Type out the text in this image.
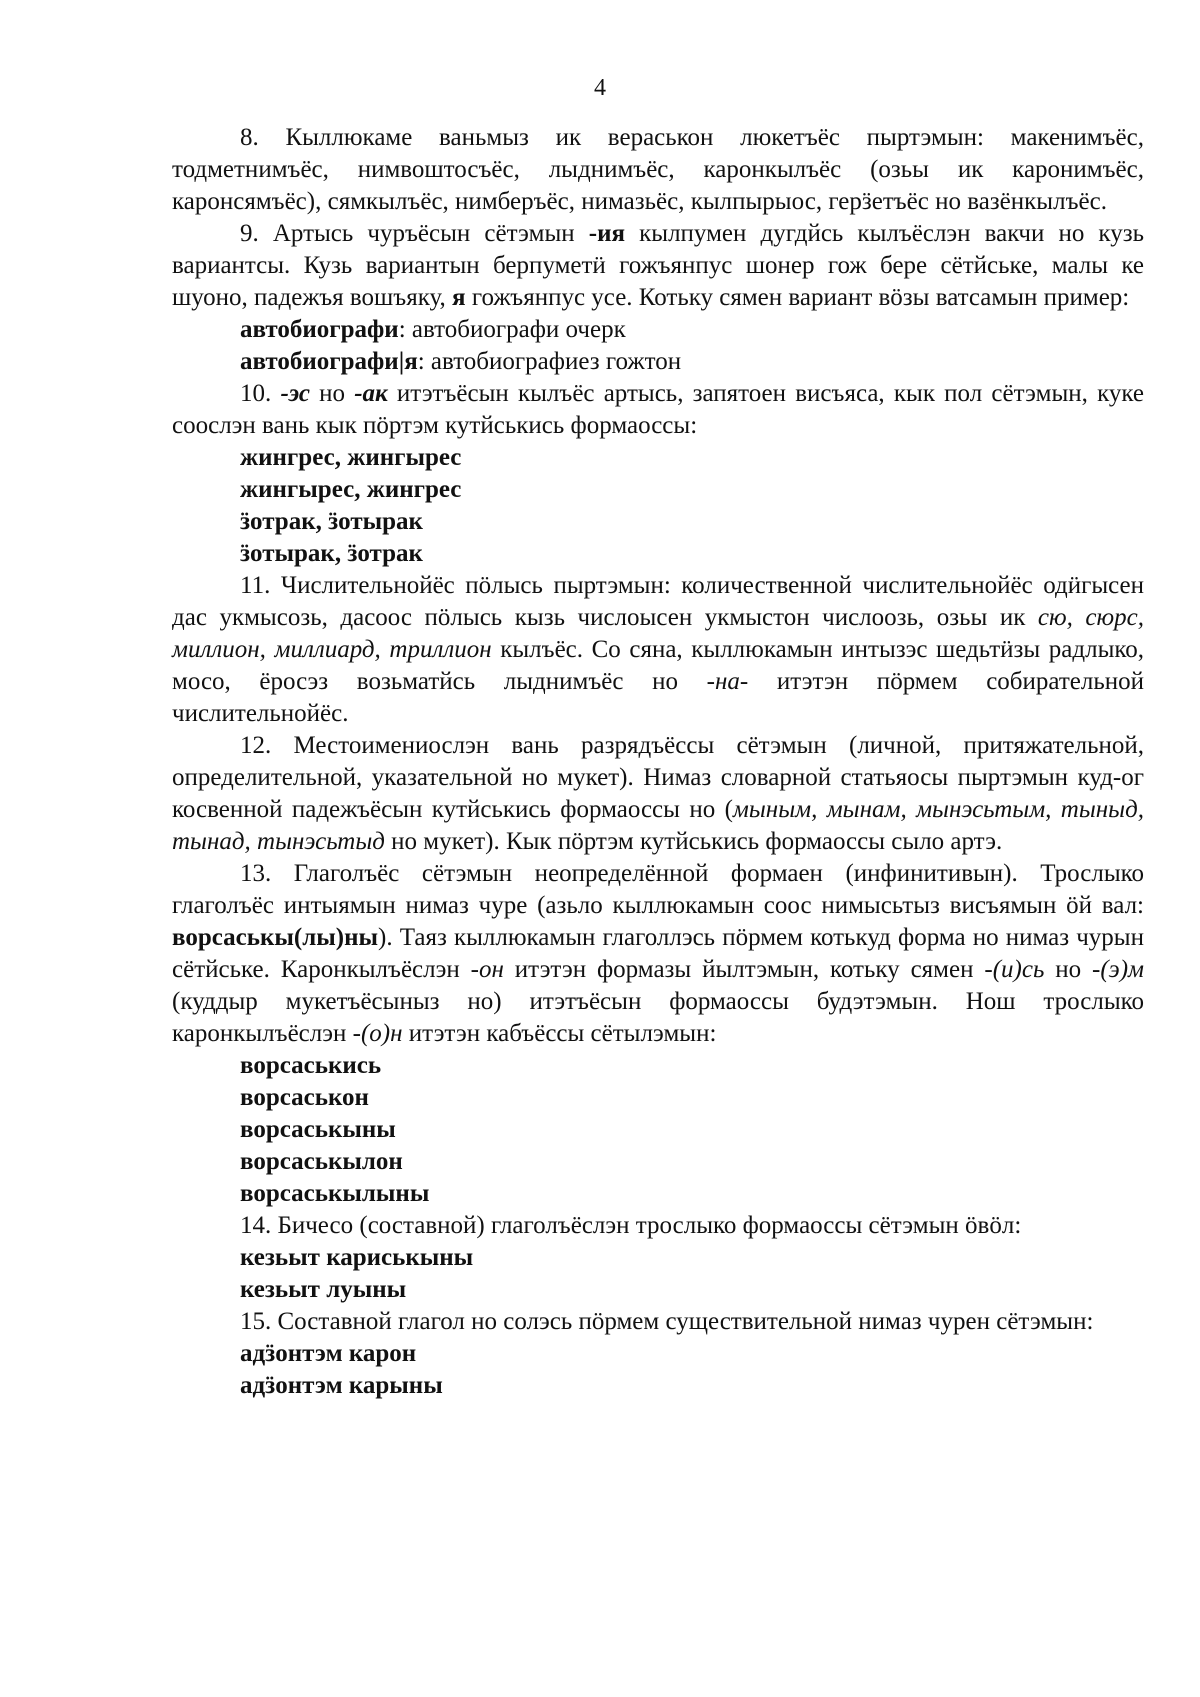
4

8. Кыллюкаме ваньмыз ик вераськон люкетъёс пыртэмын: макенимъёс, тодметнимъёс, нимвоштосъёс, лыднимъёс, каронкылъёс (озьы ик каронимъёс, каронсямъёс), сямкылъёс, нимберъёс, нимазьёс, кылпырыос, герӟетъёс но вазёнкылъёс.

9. Артысь чуръёсын сётэмын -ия кылпумен дугдйсь кылъёслэн вакчи но кузь вариантсы. Кузь вариантын берпуметӥ гожъянпус шонер гож бере сётйське, малы ке шуоно, падежъя вошъяку, я гожъянпус усе. Котьку сямен вариант вӧзы ватсамын пример:

автобиографи: автобиографи очерк

автобиографи|я: автобиографиез гожтон

10. -эс но -ак итэтъёсын кылъёс артысь, запятоен висъяса, кык пол сётэмын, куке сооcлэн вань кык пӧртэм кутйськись формаоссы:

жингрес, жингырес

жингырес, жингрес

ӟотрак, ӟотырак

ӟотырак, ӟотрак

11. Числительнойёс пӧлысь пыртэмын: количественной числительнойёс одӥгысен дас укмысозь, дасоос пӧлысь кызь числоысен укмыстон числоозь, озьы ик сю, сюрс, миллион, миллиард, триллион кылъёс. Со сяна, кыллюкамын интызэс шедьтӥзы радлыко, мосо, ёросэз возьматйсь лыднимъёс но -на- итэтэн пӧрмем собирательной числительнойёс.

12. Местоимениослэн вань разрядъёссы сётэмын (личной, притяжательной, определительной, указательной но мукет). Нимаз словарной статьяосы пыртэмын куд-ог косвенной падежъёсын кутйськись формаоссы но (мыным, мынам, мынэсьтым, тыныд, тынад, тынэсьтыд но мукет). Кык пӧртэм кутйськись формаоссы сыло артэ.

13. Глаголъёс сётэмын неопределённой формаен (инфинитивын). Трослыко глаголъёс интыямын нимаз чуре (азьло кыллюкамын соос нимысьтыз висъямын ӧй вал: ворсаськы(лы)ны). Таяз кыллюкамын глаголлэсь пӧрмем котькуд форма но нимаз чурын сётйське. Каронкылъёслэн -он итэтэн формазы йылтэмын, котьку сямен -(и)сь но -(э)м (куддыр мукетъёсыныз но) итэтъёсын формаоссы будэтэмын. Нош трослыко каронкылъёслэн -(о)н итэтэн кабъёссы сётылэмын:

ворсаськись

ворсаськон

ворсаськыны

ворсаськылон

ворсаськылыны

14. Бичесо (составной) глаголъёслэн трослыко формаоссы сётэмын ӧвӧл:

кезьыт кариськыны

кезьыт луыны

15. Составной глагол но солэсь пӧрмем существительной нимаз чурен сётэмын:

адӟонтэм карон

адӟонтэм карыны
